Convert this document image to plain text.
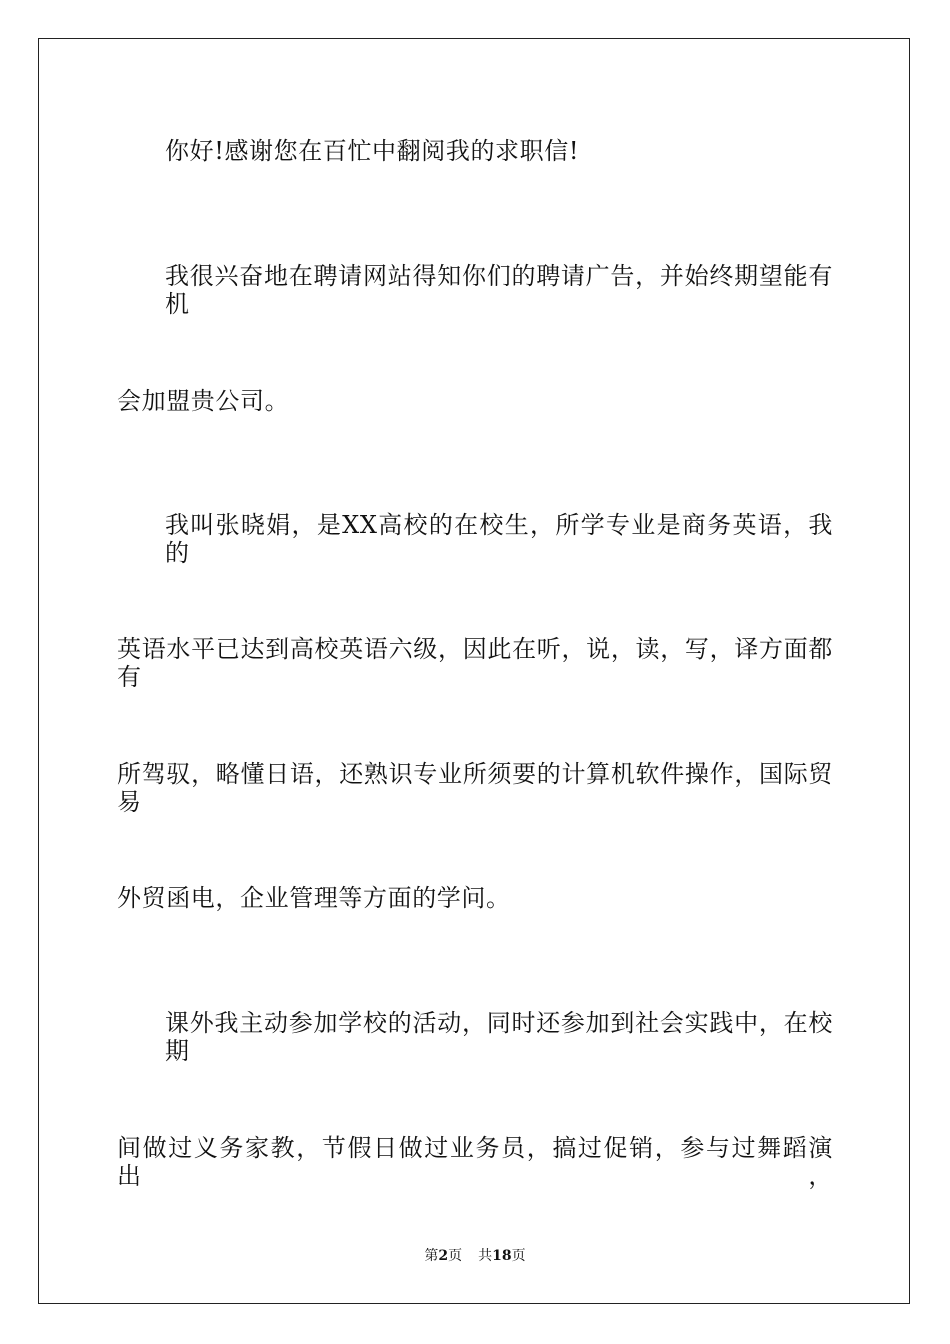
你好!感谢您在百忙中翻阅我的求职信!
我很兴奋地在聘请网站得知你们的聘请广告，并始终期望能有机
会加盟贵公司。
我叫张晓娟，是XX高校的在校生，所学专业是商务英语，我的
英语水平已达到高校英语六级，因此在听，说，读，写，译方面都有
所驾驭，略懂日语，还熟识专业所须要的计算机软件操作，国际贸易
外贸函电，企业管理等方面的学问。
课外我主动参加学校的活动，同时还参加到社会实践中，在校期
间做过义务家教，节假日做过业务员，搞过促销，参与过舞蹈演出，
第2页 共18页
